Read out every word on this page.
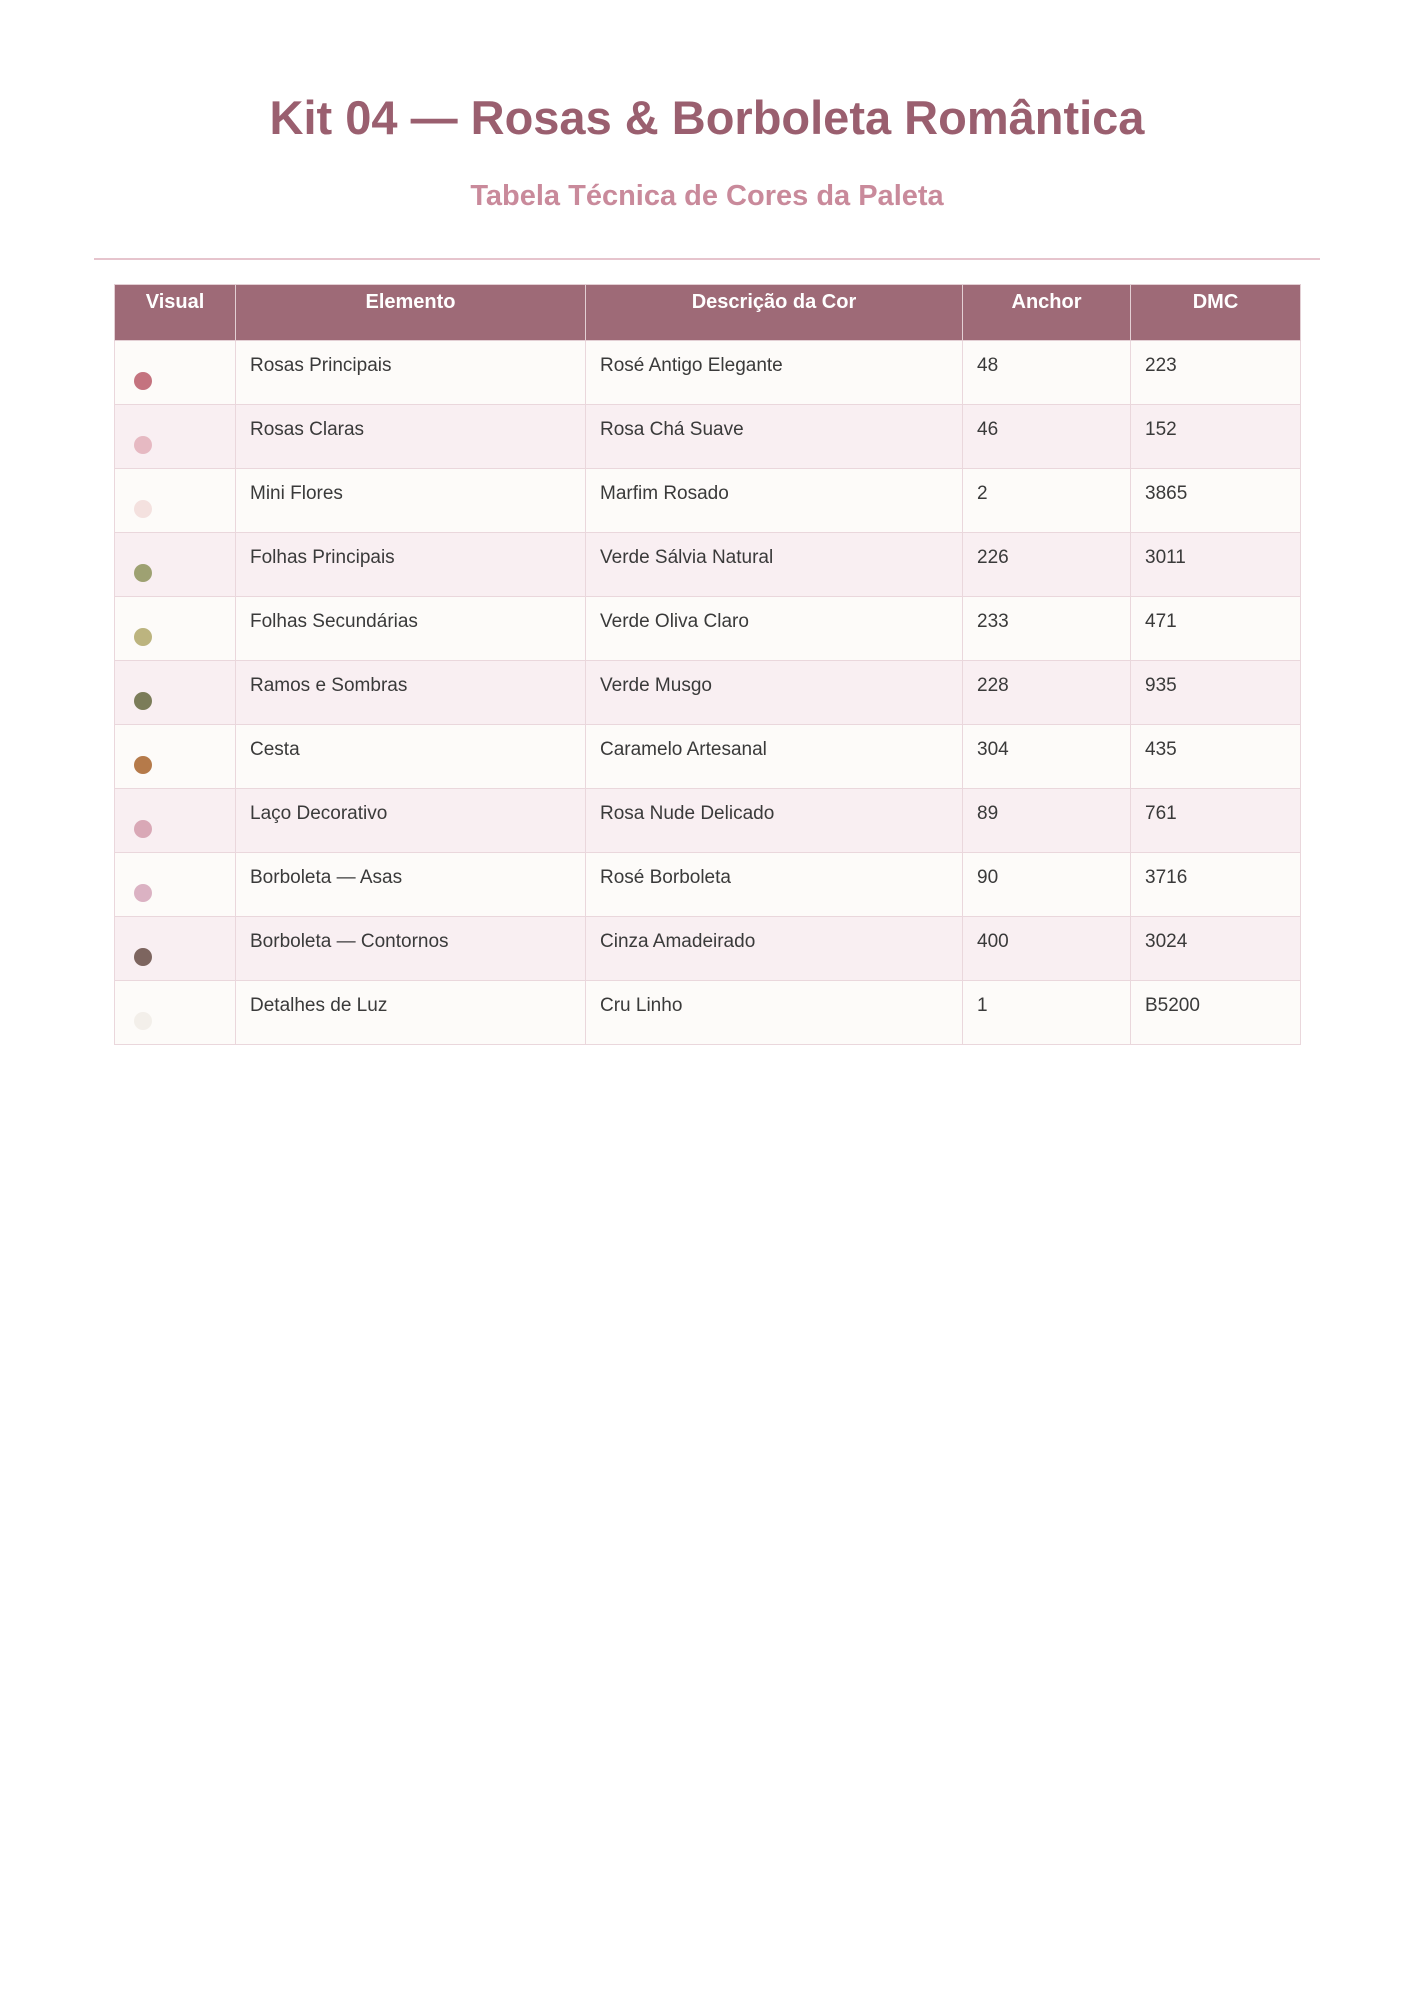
Kit 04 — Rosas & Borboleta Romântica
Tabela Técnica de Cores da Paleta
Visual	Elemento	Descrição da Cor	Anchor	DMC

	Rosas Principais	Rosé Antigo Elegante	48	223

	Rosas Claras	Rosa Chá Suave	46	152

	Mini Flores	Marfim Rosado	2	3865

	Folhas Principais	Verde Sálvia Natural	226	3011

	Folhas Secundárias	Verde Oliva Claro	233	471

	Ramos e Sombras	Verde Musgo	228	935

	Cesta	Caramelo Artesanal	304	435

	Laço Decorativo	Rosa Nude Delicado	89	761

	Borboleta — Asas	Rosé Borboleta	90	3716

	Borboleta — Contornos	Cinza Amadeirado	400	3024

	Detalhes de Luz	Cru Linho	1	B5200
